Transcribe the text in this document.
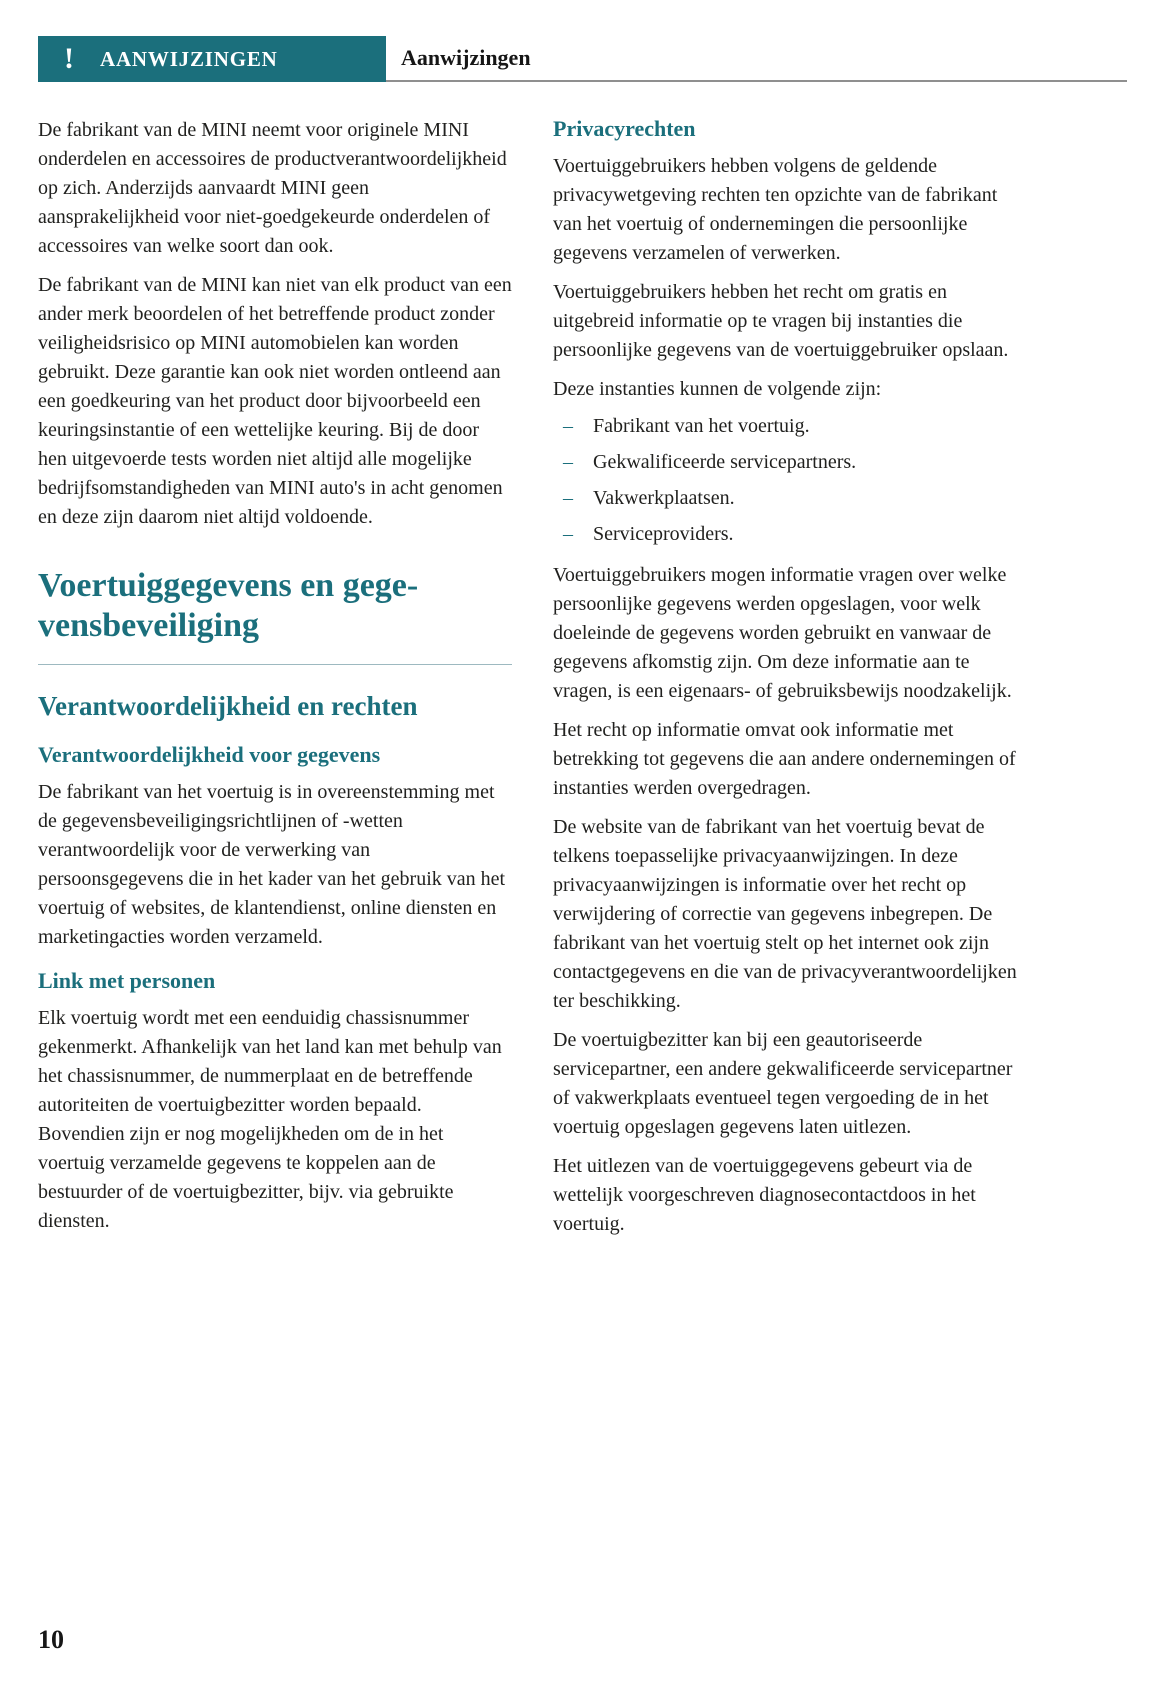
! AANWIJZINGEN	Aanwijzingen

De fabrikant van de MINI neemt voor originele MINI onderdelen en accessoires de productverantwoordelijkheid op zich. Anderzijds aanvaardt MINI geen aansprakelijkheid voor niet-goedgekeurde onderdelen of accessoires van welke soort dan ook.

De fabrikant van de MINI kan niet van elk product van een ander merk beoordelen of het betreffende product zonder veiligheidsrisico op MINI automobielen kan worden gebruikt. Deze garantie kan ook niet worden ontleend aan een goedkeuring van het product door bijvoorbeeld een keuringsinstantie of een wettelijke keuring. Bij de door hen uitgevoerde tests worden niet altijd alle mogelijke bedrijfsomstandigheden van MINI auto's in acht genomen en deze zijn daarom niet altijd voldoende.

Voertuiggegevens en gegevensbeveiliging
Verantwoordelijkheid en rechten
Verantwoordelijkheid voor gegevens

De fabrikant van het voertuig is in overeenstemming met de gegevensbeveiligingsrichtlijnen of -wetten verantwoordelijk voor de verwerking van persoonsgegevens die in het kader van het gebruik van het voertuig of websites, de klantendienst, online diensten en marketingacties worden verzameld.

Link met personen

Elk voertuig wordt met een eenduidig chassisnummer gekenmerkt. Afhankelijk van het land kan met behulp van het chassisnummer, de nummerplaat en de betreffende autoriteiten de voertuigbezitter worden bepaald. Bovendien zijn er nog mogelijkheden om de in het voertuig verzamelde gegevens te koppelen aan de bestuurder of de voertuigbezitter, bijv. via gebruikte diensten.

Privacyrechten

Voertuiggebruikers hebben volgens de geldende privacywetgeving rechten ten opzichte van de fabrikant van het voertuig of ondernemingen die persoonlijke gegevens verzamelen of verwerken.

Voertuiggebruikers hebben het recht om gratis en uitgebreid informatie op te vragen bij instanties die persoonlijke gegevens van de voertuiggebruiker opslaan.

Deze instanties kunnen de volgende zijn:

–	Fabrikant van het voertuig.
–	Gekwalificeerde servicepartners.
–	Vakwerkplaatsen.
–	Serviceproviders.

Voertuiggebruikers mogen informatie vragen over welke persoonlijke gegevens werden opgeslagen, voor welk doeleinde de gegevens worden gebruikt en vanwaar de gegevens afkomstig zijn. Om deze informatie aan te vragen, is een eigenaars- of gebruiksbewijs noodzakelijk.

Het recht op informatie omvat ook informatie met betrekking tot gegevens die aan andere ondernemingen of instanties werden overgedragen.

De website van de fabrikant van het voertuig bevat de telkens toepasselijke privacyaanwijzingen. In deze privacyaanwijzingen is informatie over het recht op verwijdering of correctie van gegevens inbegrepen. De fabrikant van het voertuig stelt op het internet ook zijn contactgegevens en die van de privacyverantwoordelijken ter beschikking.

De voertuigbezitter kan bij een geautoriseerde servicepartner, een andere gekwalificeerde servicepartner of vakwerkplaats eventueel tegen vergoeding de in het voertuig opgeslagen gegevens laten uitlezen.

Het uitlezen van de voertuiggegevens gebeurt via de wettelijk voorgeschreven diagnosecontactdoos in het voertuig.

10
